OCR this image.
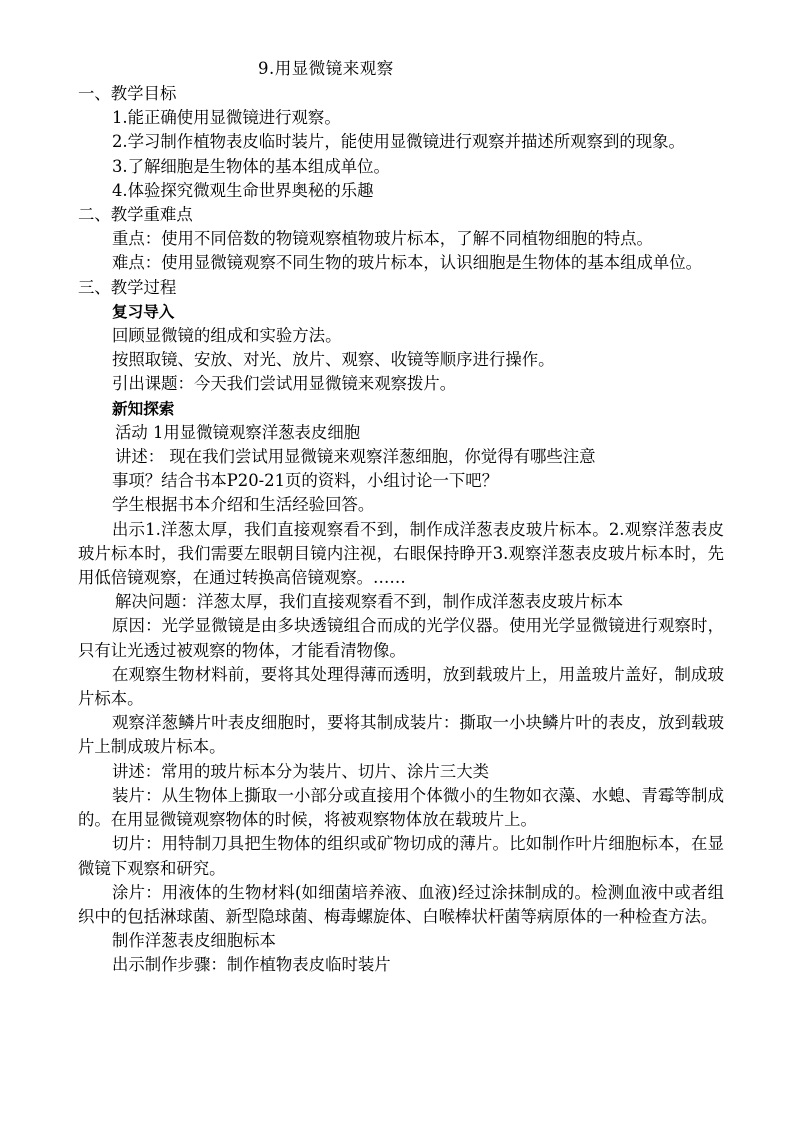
9.用显微镜来观察
一、教学目标
1.能正确使用显微镜进行观察。
2.学习制作植物表皮临时装片，能使用显微镜进行观察并描述所观察到的现象。
3.了解细胞是生物体的基本组成单位。
4.体验探究微观生命世界奥秘的乐趣
二、教学重难点
重点：使用不同倍数的物镜观察植物玻片标本，了解不同植物细胞的特点。
难点：使用显微镜观察不同生物的玻片标本，认识细胞是生物体的基本组成单位。
三、教学过程
复习导入
回顾显微镜的组成和实验方法。
按照取镜、安放、对光、放片、观察、收镜等顺序进行操作。
引出课题：今天我们尝试用显微镜来观察拨片。
新知探索
活动 1用显微镜观察洋葱表皮细胞
讲述： 现在我们尝试用显微镜来观察洋葱细胞，你觉得有哪些注意
事项？结合书本P20-21页的资料，小组讨论一下吧？
学生根据书本介绍和生活经验回答。
出示1.洋葱太厚，我们直接观察看不到，制作成洋葱表皮玻片标本。2.观察洋葱表皮玻片标本时，我们需要左眼朝目镜内注视，右眼保持睁开3.观察洋葱表皮玻片标本时，先用低倍镜观察，在通过转换高倍镜观察。……
解决问题：洋葱太厚，我们直接观察看不到，制作成洋葱表皮玻片标本
原因：光学显微镜是由多块透镜组合而成的光学仪器。使用光学显微镜进行观察时，只有让光透过被观察的物体，才能看清物像。
在观察生物材料前，要将其处理得薄而透明，放到载玻片上，用盖玻片盖好，制成玻片标本。
观察洋葱鳞片叶表皮细胞时，要将其制成装片：撕取一小块鳞片叶的表皮，放到载玻片上制成玻片标本。
讲述：常用的玻片标本分为装片、切片、涂片三大类
装片：从生物体上撕取一小部分或直接用个体微小的生物如衣藻、水螅、青霉等制成的。在用显微镜观察物体的时候，将被观察物体放在载玻片上。
切片：用特制刀具把生物体的组织或矿物切成的薄片。比如制作叶片细胞标本，在显微镜下观察和研究。
涂片：用液体的生物材料(如细菌培养液、血液)经过涂抹制成的。检测血液中或者组织中的包括淋球菌、新型隐球菌、梅毒螺旋体、白喉棒状杆菌等病原体的一种检查方法。
制作洋葱表皮细胞标本
出示制作步骤：制作植物表皮临时装片
